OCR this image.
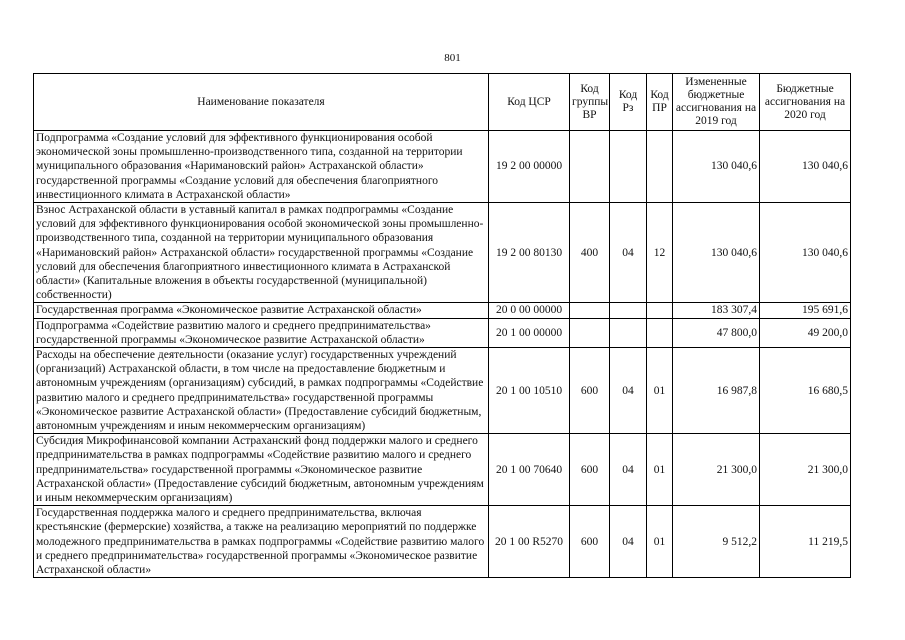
801
Наименование показателя	Код ЦСР	Код группы ВР	Код Рз	Код ПР	Измененные бюджетные ассигнования на 2019 год	Бюджетные ассигнования на 2020 год
Подпрограмма «Создание условий для эффективного функционирования особой экономической зоны промышленно-производственного типа, созданной на территории муниципального образования «Наримановский район» Астраханской области» государственной программы «Создание условий для обеспечения благоприятного инвестиционного климата в Астраханской области»	19 2 00 00000				130 040,6	130 040,6
Взнос Астраханской области в уставный капитал в рамках подпрограммы «Создание условий для эффективного функционирования особой экономической зоны промышленно-производственного типа, созданной на территории муниципального образования «Наримановский район» Астраханской области» государственной программы «Создание условий для обеспечения благоприятного инвестиционного климата в Астраханской области» (Капитальные вложения в объекты государственной (муниципальной) собственности)	19 2 00 80130	400	04	12	130 040,6	130 040,6
Государственная программа «Экономическое развитие Астраханской области»	20 0 00 00000				183 307,4	195 691,6
Подпрограмма «Содействие развитию малого и среднего предпринимательства» государственной программы «Экономическое развитие Астраханской области»	20 1 00 00000				47 800,0	49 200,0
Расходы на обеспечение деятельности (оказание услуг) государственных учреждений (организаций) Астраханской области, в том числе на предоставление бюджетным и автономным учреждениям (организациям) субсидий, в рамках подпрограммы «Содействие развитию малого и среднего предпринимательства» государственной программы «Экономическое развитие Астраханской области» (Предоставление субсидий бюджетным, автономным учреждениям и иным некоммерческим организациям)	20 1 00 10510	600	04	01	16 987,8	16 680,5
Субсидия Микрофинансовой компании Астраханский фонд поддержки малого и среднего предпринимательства в рамках подпрограммы «Содействие развитию малого и среднего предпринимательства» государственной программы «Экономическое развитие Астраханской области» (Предоставление субсидий бюджетным, автономным учреждениям и иным некоммерческим организациям)	20 1 00 70640	600	04	01	21 300,0	21 300,0
Государственная поддержка малого и среднего предпринимательства, включая крестьянские (фермерские) хозяйства, а также на реализацию мероприятий по поддержке молодежного предпринимательства в рамках подпрограммы «Содействие развитию малого и среднего предпринимательства» государственной программы «Экономическое развитие Астраханской области»	20 1 00 R5270	600	04	01	9 512,2	11 219,5
